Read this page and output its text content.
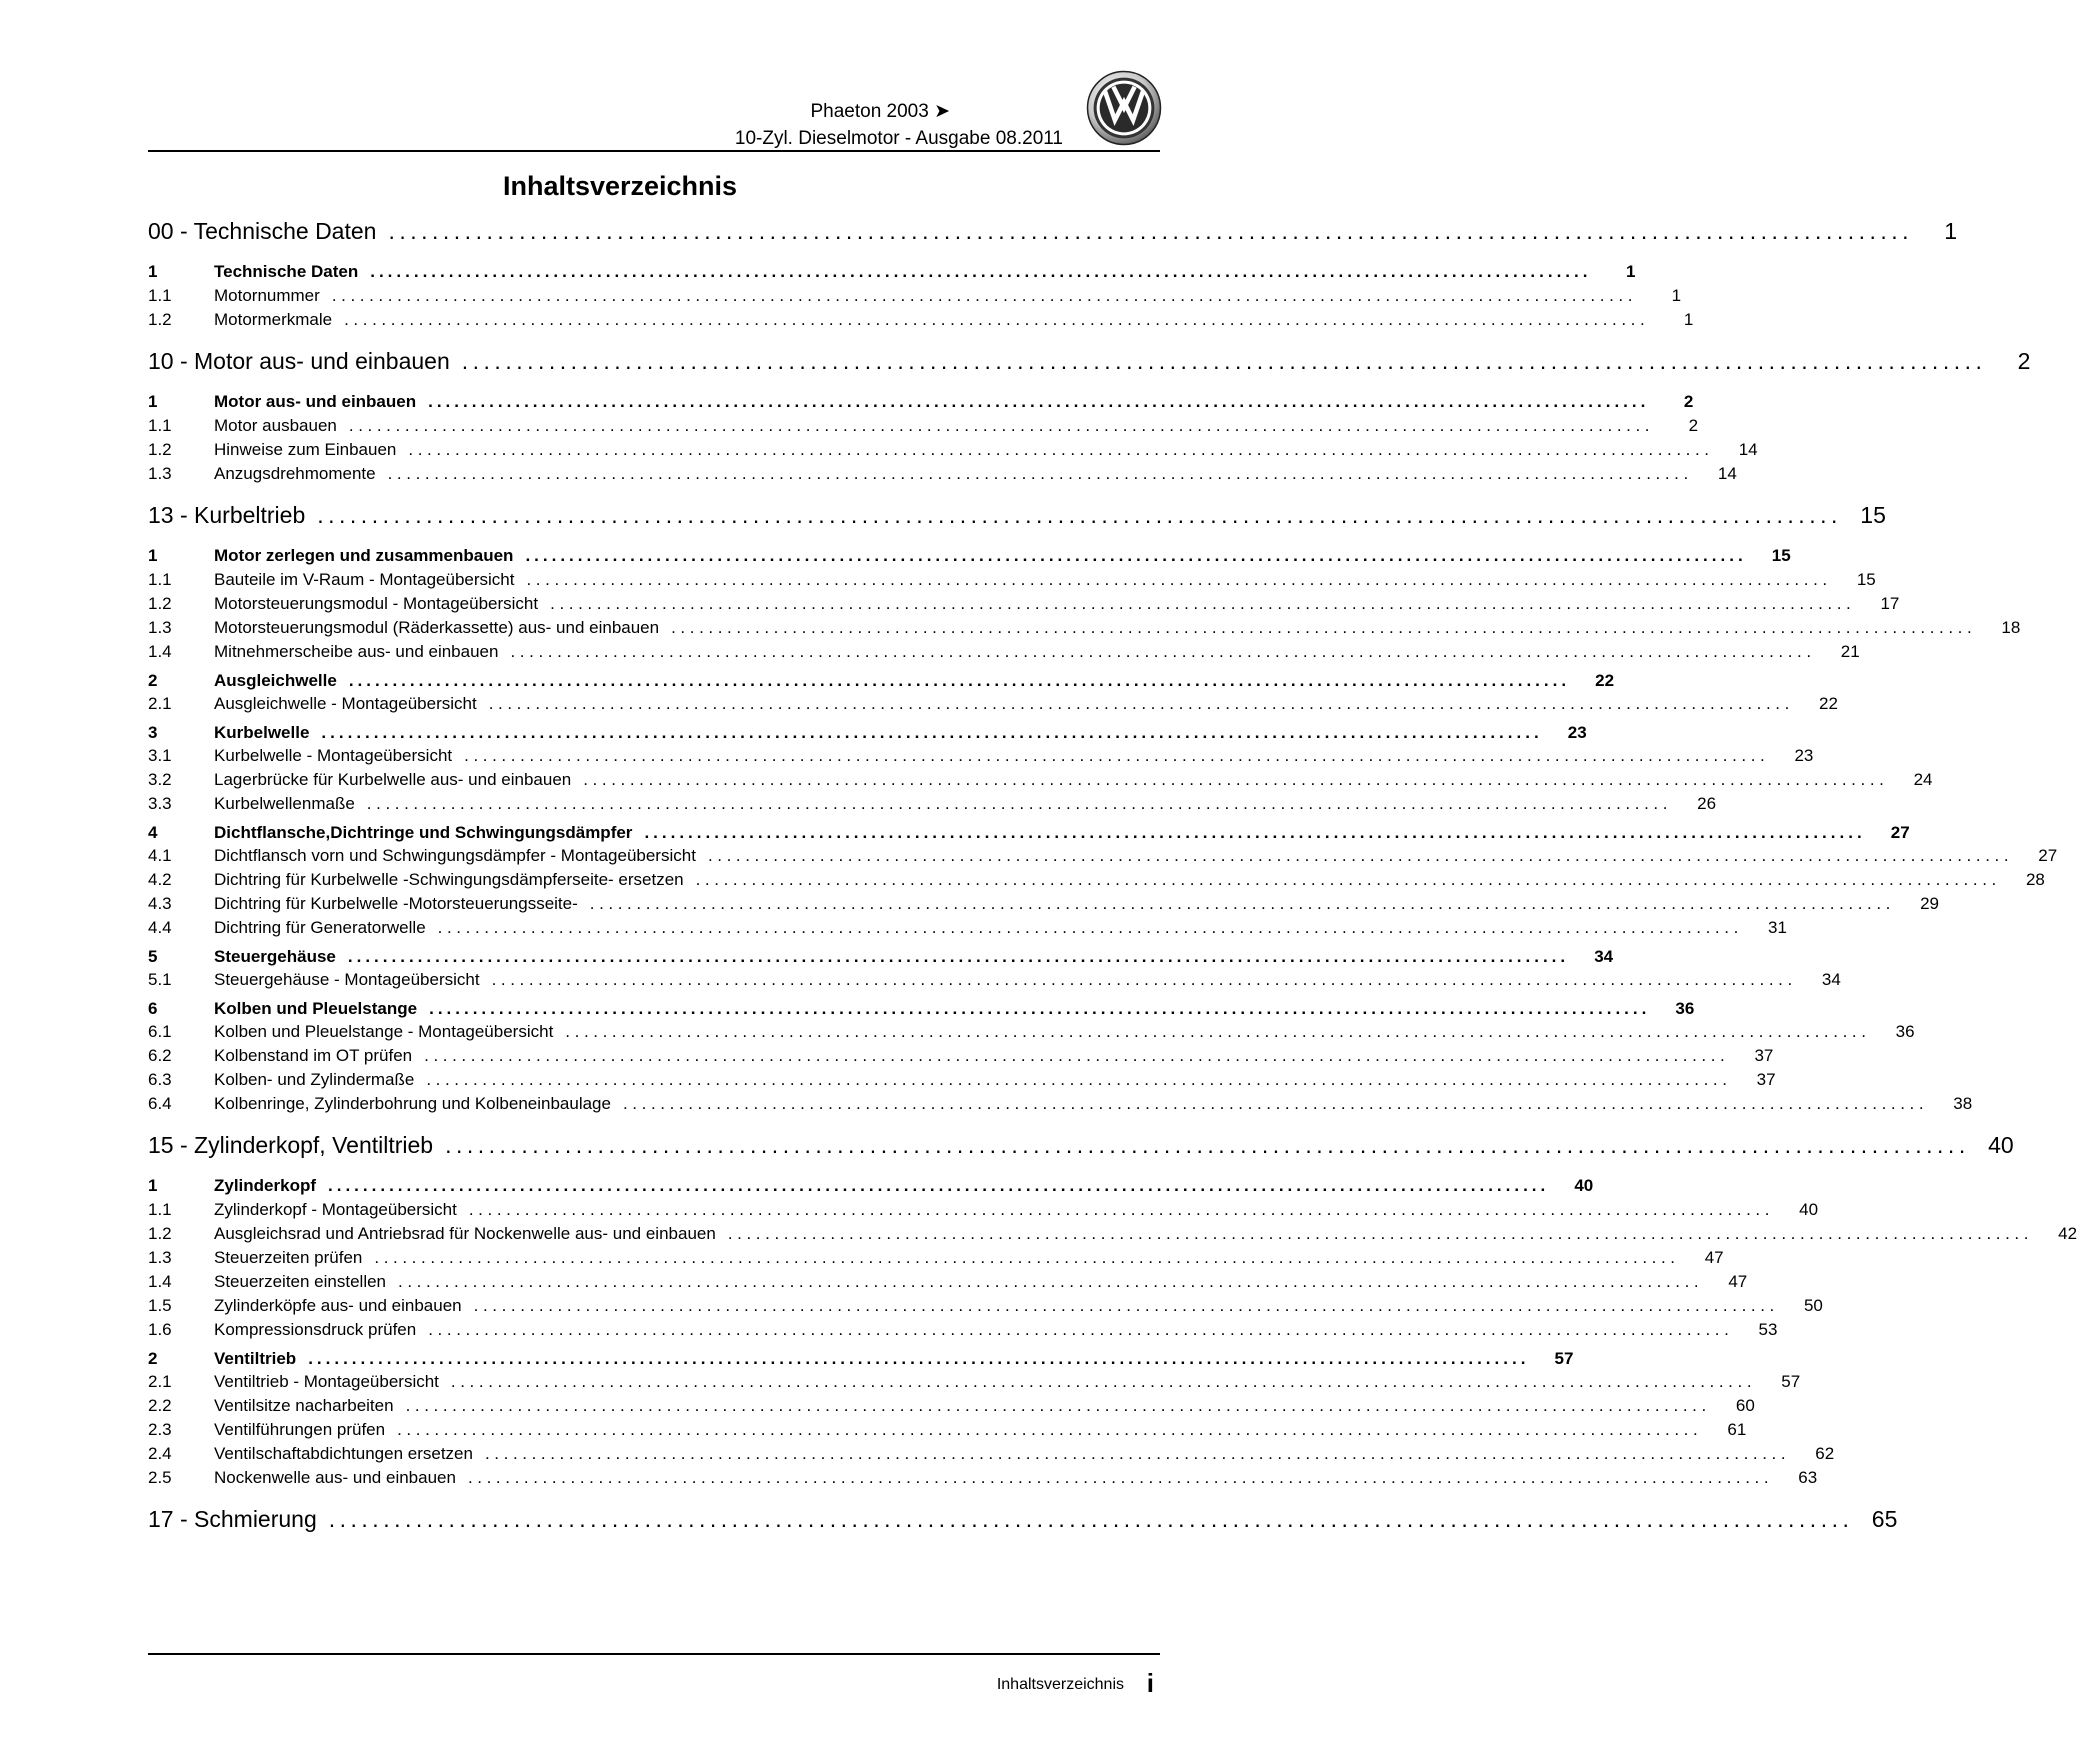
Phaeton 2003 ➤
10-Zyl. Dieselmotor - Ausgabe 08.2011
Inhaltsverzeichnis
00 - Technische Daten ............................................................................................................................................	1
1	Technische Daten ............................................................................................................................................	1
1.1	Motornummer ............................................................................................................................................	1
1.2	Motormerkmale ............................................................................................................................................	1
10 - Motor aus- und einbauen ............................................................................................................................................	2
1	Motor aus- und einbauen ............................................................................................................................................	2
1.1	Motor ausbauen ............................................................................................................................................	2
1.2	Hinweise zum Einbauen ............................................................................................................................................	14
1.3	Anzugsdrehmomente ............................................................................................................................................	14
13 - Kurbeltrieb ............................................................................................................................................ 15
1	Motor zerlegen und zusammenbauen ............................................................................................................................................	15
1.1	Bauteile im V-Raum - Montageübersicht ............................................................................................................................................	15
1.2	Motorsteuerungsmodul - Montageübersicht ............................................................................................................................................	17
1.3	Motorsteuerungsmodul (Räderkassette) aus- und einbauen ............................................................................................................................................	18
1.4	Mitnehmerscheibe aus- und einbauen ............................................................................................................................................	21
2	Ausgleichwelle ............................................................................................................................................	22
2.1	Ausgleichwelle - Montageübersicht ............................................................................................................................................	22
3	Kurbelwelle ............................................................................................................................................	23
3.1	Kurbelwelle - Montageübersicht ............................................................................................................................................	23
3.2	Lagerbrücke für Kurbelwelle aus- und einbauen ............................................................................................................................................	24
3.3	Kurbelwellenmaße ............................................................................................................................................	26
4	Dichtflansche,Dichtringe und Schwingungsdämpfer ............................................................................................................................................	27
4.1	Dichtflansch vorn und Schwingungsdämpfer - Montageübersicht ............................................................................................................................................	27
4.2	Dichtring für Kurbelwelle -Schwingungsdämpferseite- ersetzen ............................................................................................................................................	28
4.3	Dichtring für Kurbelwelle -Motorsteuerungsseite- ............................................................................................................................................	29
4.4	Dichtring für Generatorwelle ............................................................................................................................................	31
5	Steuergehäuse ............................................................................................................................................	34
5.1	Steuergehäuse - Montageübersicht ............................................................................................................................................	34
6	Kolben und Pleuelstange ............................................................................................................................................	36
6.1	Kolben und Pleuelstange - Montageübersicht ............................................................................................................................................	36
6.2	Kolbenstand im OT prüfen ............................................................................................................................................	37
6.3	Kolben- und Zylindermaße ............................................................................................................................................	37
6.4	Kolbenringe, Zylinderbohrung und Kolbeneinbaulage ............................................................................................................................................	38
15 - Zylinderkopf, Ventiltrieb ............................................................................................................................................ 40
1	Zylinderkopf ............................................................................................................................................	40
1.1	Zylinderkopf - Montageübersicht ............................................................................................................................................	40
1.2	Ausgleichsrad und Antriebsrad für Nockenwelle aus- und einbauen ............................................................................................................................................	42
1.3	Steuerzeiten prüfen ............................................................................................................................................	47
1.4	Steuerzeiten einstellen ............................................................................................................................................	47
1.5	Zylinderköpfe aus- und einbauen ............................................................................................................................................	50
1.6	Kompressionsdruck prüfen ............................................................................................................................................	53
2	Ventiltrieb ............................................................................................................................................	57
2.1	Ventiltrieb - Montageübersicht ............................................................................................................................................	57
2.2	Ventilsitze nacharbeiten ............................................................................................................................................	60
2.3	Ventilführungen prüfen ............................................................................................................................................	61
2.4	Ventilschaftabdichtungen ersetzen ............................................................................................................................................	62
2.5	Nockenwelle aus- und einbauen ............................................................................................................................................	63
17 - Schmierung ............................................................................................................................................ 65
Inhaltsverzeichnis i
